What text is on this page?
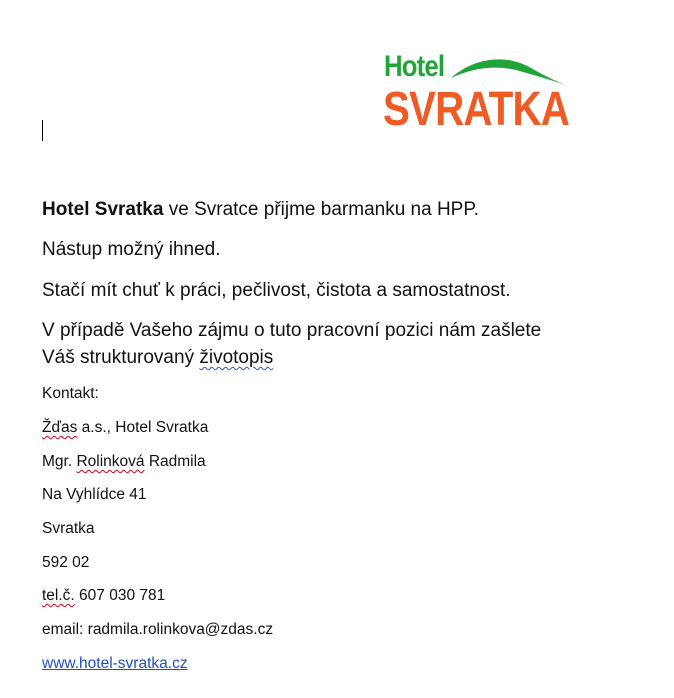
Hotel
SVRATKA
Hotel Svratka ve Svratce přijme barmanku na HPP.
Nástup možný ihned.
Stačí mít chuť k práci, pečlivost, čistota a samostatnost.
V případě Vašeho zájmu o tuto pracovní pozici nám zašlete
Váš strukturovaný životopis
Kontakt:
Žďas a.s., Hotel Svratka
Mgr. Rolinková Radmila
Na Vyhlídce 41
Svratka
592 02
tel.č. 607 030 781
email: radmila.rolinkova@zdas.cz
www.hotel-svratka.cz
